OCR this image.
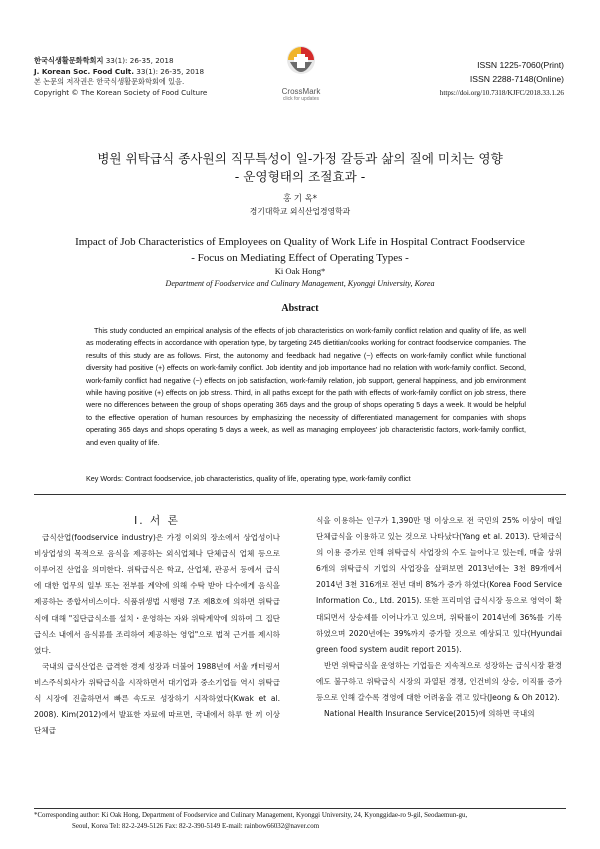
한국식생활문화학회지 33(1): 26-35, 2018
J. Korean Soc. Food Cult. 33(1): 26-35, 2018
본 논문의 저작권은 한국식생활문화학회에 있음.
Copyright © The Korean Society of Food Culture	CrossMark
click for updates
ISSN 1225-7060(Print)
ISSN 2288-7148(Online)
https://doi.org/10.7318/KJFC/2018.33.1.26
병원 위탁급식 종사원의 직무특성이 일-가정 갈등과 삶의 질에 미치는 영향
- 운영형태의 조절효과 -
홍 기 옥*
경기대학교 외식산업경영학과
Impact of Job Characteristics of Employees on Quality of Work Life in Hospital Contract Foodservice
- Focus on Mediating Effect of Operating Types -
Ki Oak Hong*
Department of Foodservice and Culinary Management, Kyonggi University, Korea
Abstract
This study conducted an empirical analysis of the effects of job characteristics on work-family conflict relation and quality of life, as well as moderating effects in accordance with operation type, by targeting 245 dietitian/cooks working for contract foodservice companies. The results of this study are as follows. First, the autonomy and feedback had negative (−) effects on work-family conflict while functional diversity had positive (+) effects on work-family conflict. Job identity and job importance had no relation with work-family conflict. Second, work-family conflict had negative (−) effects on job satisfaction, work-family relation, job support, general happiness, and job environment while having positive (+) effects on job stress. Third, in all paths except for the path with effects of work-family conflict on job stress, there were no differences between the group of shops operating 365 days and the group of shops operating 5 days a week. It would be helpful to the effective operation of human resources by emphasizing the necessity of differentiated management for companies with shops operating 365 days and shops operating 5 days a week, as well as managing employees' job characteristic factors, work-family conflict, and even quality of life.
Key Words: Contract foodservice, job characteristics, quality of life, operating type, work-family conflict
Ⅰ. 서 론

급식산업(foodservice industry)은 가정 이외의 장소에서 상업성이나 비상업성의 목적으로 음식을 제공하는 외식업체나 단체급식 업체 등으로 이루어진 산업을 의미한다. 위탁급식은 학교, 산업체, 관공서 등에서 급식에 대한 업무의 일부 또는 전부를 계약에 의해 수탁 받아 다수에게 음식을 제공하는 종합서비스이다. 식품위생법 시행령 7조 제8호에 의하면 위탁급식에 대해 "집단급식소를 설치・운영하는 자와 위탁계약에 의하여 그 집단급식소 내에서 음식류를 조리하여 제공하는 영업"으로 법적 근거를 제시하였다.

국내의 급식산업은 급격한 경제 성장과 더불어 1988년에 서울 캐터링서비스주식회사가 위탁급식을 시작하면서 대기업과 중소기업들 역시 위탁급식 시장에 진출하면서 빠른 속도로 성장하기 시작하였다(Kwak et al. 2008). Kim(2012)에서 발표한 자료에 따르면, 국내에서 하루 한 끼 이상 단체급

식을 이용하는 인구가 1,390만 명 이상으로 전 국민의 25% 이상이 매일 단체급식을 이용하고 있는 것으로 나타났다(Yang et al. 2013). 단체급식의 이용 증가로 인해 위탁급식 사업장의 수도 늘어나고 있는데, 매출 상위 6개의 위탁급식 기업의 사업장을 살펴보면 2013년에는 3천 89개에서 2014년 3천 316개로 전년 대비 8%가 증가 하였다(Korea Food Service Information Co., Ltd. 2015). 또한 프리미엄 급식시장 등으로 영역이 확대되면서 상승세를 이어나가고 있으며, 위탁률이 2014년에 36%를 기록하였으며 2020년에는 39%까지 증가할 것으로 예상되고 있다(Hyundai green food system audit report 2015).

반면 위탁급식을 운영하는 기업들은 지속적으로 성장하는 급식시장 환경에도 불구하고 위탁급식 시장의 과열된 경쟁, 인건비의 상승, 이직률 증가 등으로 인해 갈수록 경영에 대한 어려움을 겪고 있다(Jeong & Oh 2012).

National Health Insurance Service(2015)에 의하면 국내의

*Corresponding author: Ki Oak Hong, Department of Foodservice and Culinary Management, Kyonggi University, 24, Kyonggidae-ro 9-gil, Seodaemun-gu,
Seoul, Korea Tel: 82-2-249-5126 Fax: 82-2-390-5149 E-mail: rainbow66032@naver.com
